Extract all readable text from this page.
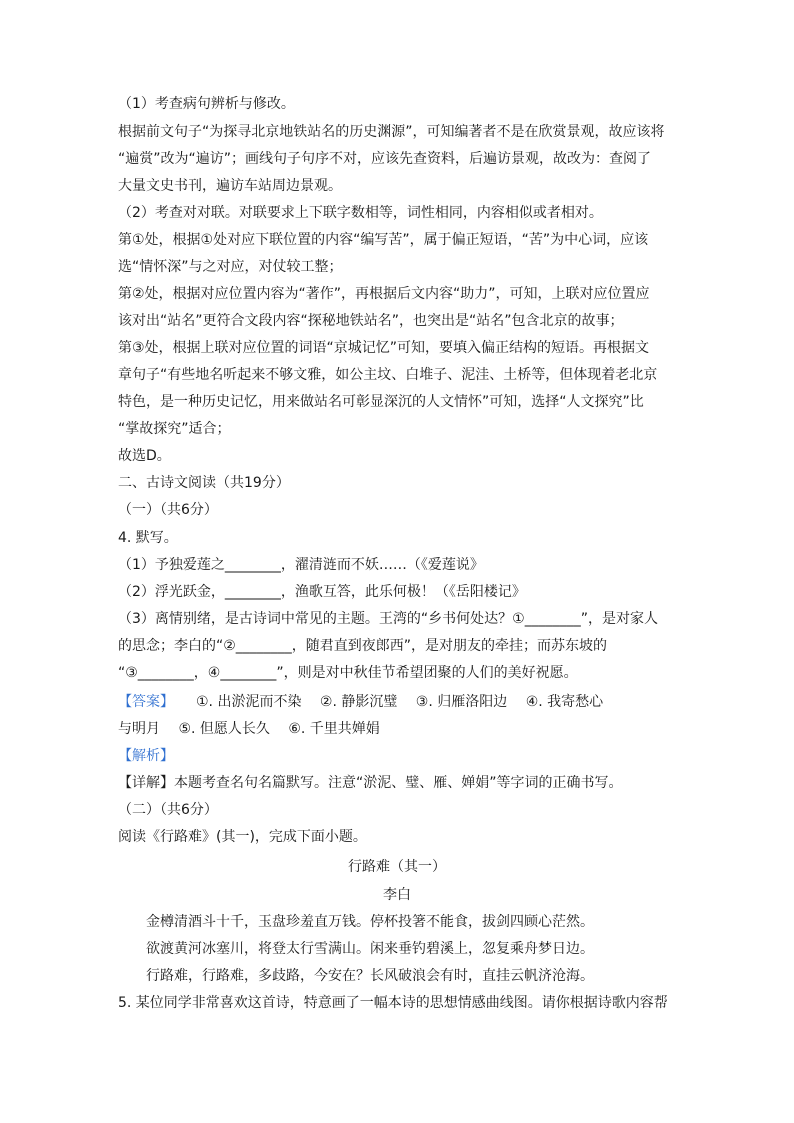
（1）考查病句辨析与修改。
根据前文句子“为探寻北京地铁站名的历史渊源”，可知编著者不是在欣赏景观，故应该将
“遍赏”改为“遍访”；画线句子句序不对，应该先查资料，后遍访景观，故改为：查阅了
大量文史书刊，遍访车站周边景观。
（2）考查对对联。对联要求上下联字数相等，词性相同，内容相似或者相对。
第①处，根据①处对应下联位置的内容“编写苦”，属于偏正短语，“苦”为中心词，应该
选“情怀深”与之对应，对仗较工整；
第②处，根据对应位置内容为“著作”，再根据后文内容“助力”，可知，上联对应位置应
该对出“站名”更符合文段内容“探秘地铁站名”，也突出是“站名”包含北京的故事；
第③处，根据上联对应位置的词语“京城记忆”可知，要填入偏正结构的短语。再根据文
章句子“有些地名听起来不够文雅，如公主坟、白堆子、泥洼、土桥等，但体现着老北京
特色，是一种历史记忆，用来做站名可彰显深沉的人文情怀”可知，选择“人文探究”比
“掌故探究”适合；
故选D。
二、古诗文阅读（共19分）
（一）（共6分）
4. 默写。
（1）予独爱莲之________，濯清涟而不妖……（《爱莲说》
（2）浮光跃金，________，渔歌互答，此乐何极！（《岳阳楼记》
（3）离情别绪，是古诗词中常见的主题。王湾的“乡书何处达？①________”，是对家人
的思念；李白的“②________，随君直到夜郎西”，是对朋友的牵挂；而苏东坡的
“③________，④________”，则是对中秋佳节希望团聚的人们的美好祝愿。
【答案】 ①. 出淤泥而不染　 ②. 静影沉璧　 ③. 归雁洛阳边　 ④. 我寄愁心
与明月　 ⑤. 但愿人长久　 ⑥. 千里共婵娟
【解析】
【详解】本题考查名句名篇默写。注意“淤泥、璧、雁、婵娟”等字词的正确书写。
（二）（共6分）
阅读《行路难》(其一)，完成下面小题。
行路难（其一）
李白
金樽清酒斗十千，玉盘珍羞直万钱。停杯投箸不能食，拔剑四顾心茫然。
欲渡黄河冰塞川，将登太行雪满山。闲来垂钓碧溪上，忽复乘舟梦日边。
行路难，行路难，多歧路，今安在？长风破浪会有时，直挂云帆济沧海。
5. 某位同学非常喜欢这首诗，特意画了一幅本诗的思想情感曲线图。请你根据诗歌内容帮
